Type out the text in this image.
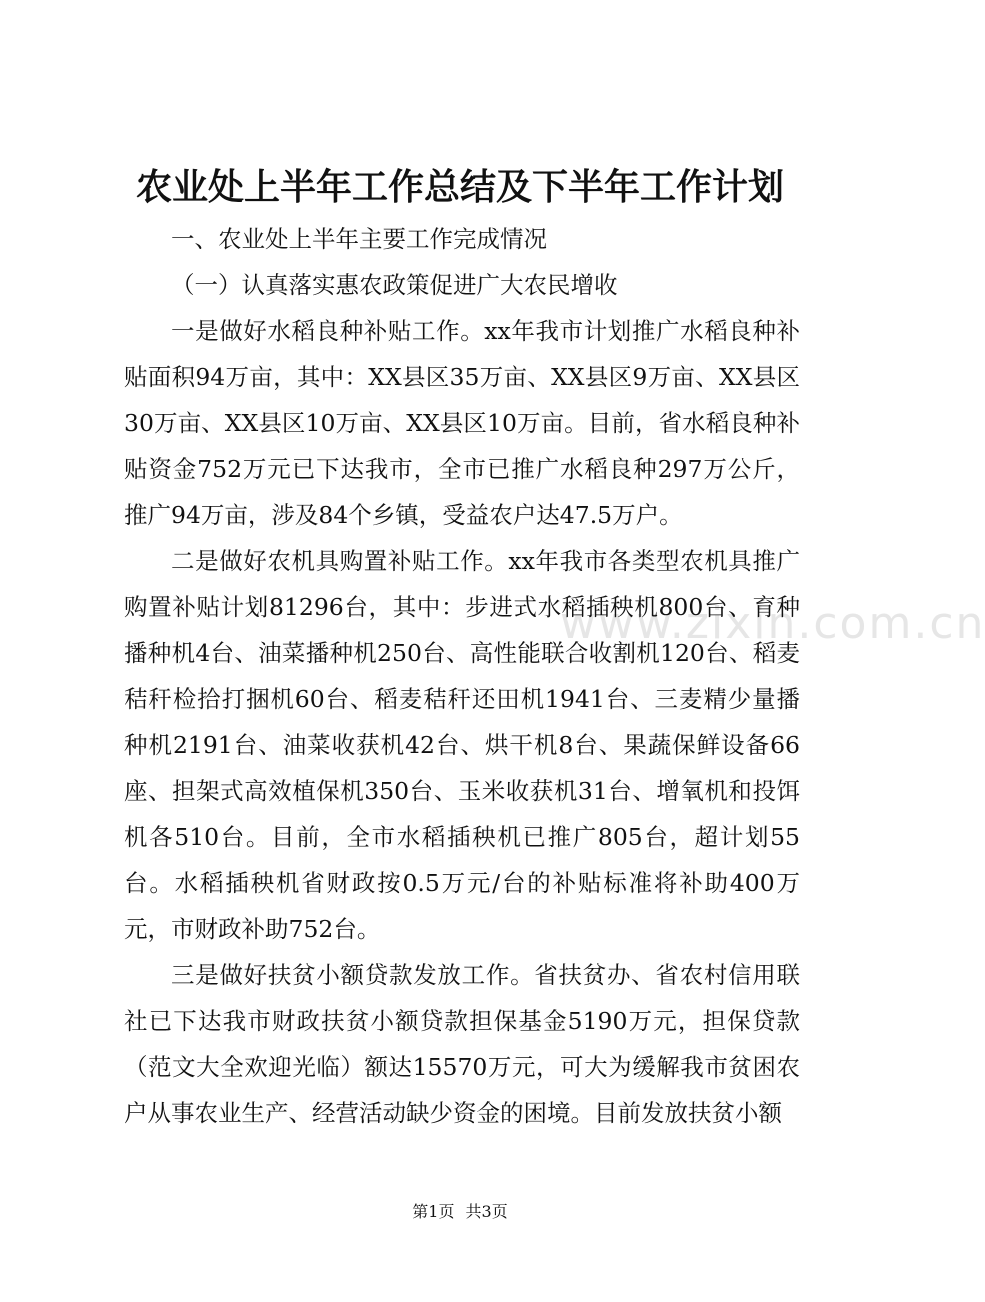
www.zixin.com.cn
农业处上半年工作总结及下半年工作计划

一、农业处上半年主要工作完成情况

（一）认真落实惠农政策促进广大农民增收

一是做好水稻良种补贴工作。xx年我市计划推广水稻良种补贴面积94万亩，其中：XX县区35万亩、XX县区9万亩、XX县区30万亩、XX县区10万亩、XX县区10万亩。目前，省水稻良种补贴资金752万元已下达我市，全市已推广水稻良种297万公斤，推广94万亩，涉及84个乡镇，受益农户达47.5万户。

二是做好农机具购置补贴工作。xx年我市各类型农机具推广购置补贴计划81296台，其中：步进式水稻插秧机800台、育种播种机4台、油菜播种机250台、高性能联合收割机120台、稻麦秸秆检拾打捆机60台、稻麦秸秆还田机1941台、三麦精少量播种机2191台、油菜收获机42台、烘干机8台、果蔬保鲜设备66座、担架式高效植保机350台、玉米收获机31台、增氧机和投饵机各510台。目前，全市水稻插秧机已推广805台，超计划55台。水稻插秧机省财政按0.5万元/台的补贴标准将补助400万元，市财政补助752台。

三是做好扶贫小额贷款发放工作。省扶贫办、省农村信用联社已下达我市财政扶贫小额贷款担保基金5190万元，担保贷款（范文大全欢迎光临）额达15570万元，可大为缓解我市贫困农户从事农业生产、经营活动缺少资金的困境。目前发放扶贫小额

第1页 共3页
